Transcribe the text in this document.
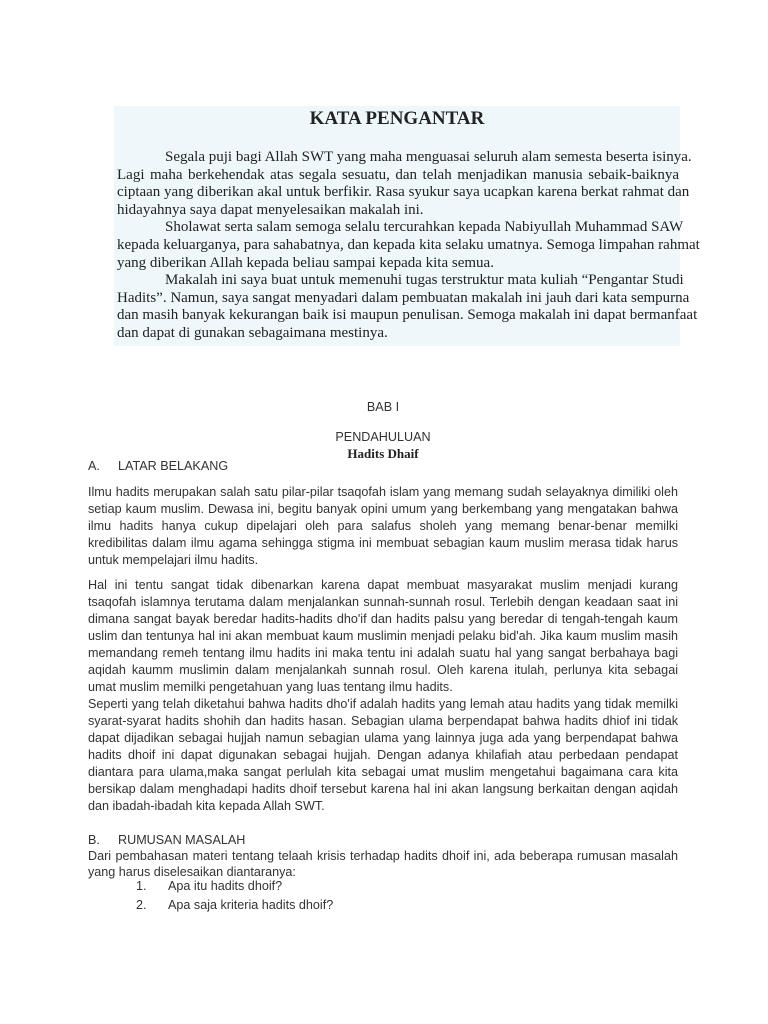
KATA PENGANTAR
Segala puji bagi Allah SWT yang maha menguasai seluruh alam semesta beserta isinya.
Lagi maha berkehendak atas segala sesuatu, dan telah menjadikan manusia sebaik-baiknya
ciptaan yang diberikan akal untuk berfikir. Rasa syukur saya ucapkan karena berkat rahmat dan
hidayahnya saya dapat menyelesaikan makalah ini.
Sholawat serta salam semoga selalu tercurahkan kepada Nabiyullah Muhammad SAW
kepada keluarganya, para sahabatnya, dan kepada kita selaku umatnya. Semoga limpahan rahmat
yang diberikan Allah kepada beliau sampai kepada kita semua.
Makalah ini saya buat untuk memenuhi tugas terstruktur mata kuliah “Pengantar Studi
Hadits”. Namun, saya sangat menyadari dalam pembuatan makalah ini jauh dari kata sempurna
dan masih banyak kekurangan baik isi maupun penulisan. Semoga makalah ini dapat bermanfaat
dan dapat di gunakan sebagaimana mestinya.
BAB I
PENDAHULUAN
Hadits Dhaif
A. LATAR BELAKANG
Ilmu hadits merupakan salah satu pilar-pilar tsaqofah islam yang memang sudah selayaknya dimiliki oleh
setiap kaum muslim. Dewasa ini, begitu banyak opini umum yang berkembang yang mengatakan bahwa
ilmu hadits hanya cukup dipelajari oleh para salafus sholeh yang memang benar-benar memilki
kredibilitas dalam ilmu agama sehingga stigma ini membuat sebagian kaum muslim merasa tidak harus
untuk mempelajari ilmu hadits.
Hal ini tentu sangat tidak dibenarkan karena dapat membuat masyarakat muslim menjadi kurang
tsaqofah islamnya terutama dalam menjalankan sunnah-sunnah rosul. Terlebih dengan keadaan saat ini
dimana sangat bayak beredar hadits-hadits dho'if dan hadits palsu yang beredar di tengah-tengah kaum
uslim dan tentunya hal ini akan membuat kaum muslimin menjadi pelaku bid'ah. Jika kaum muslim masih
memandang remeh tentang ilmu hadits ini maka tentu ini adalah suatu hal yang sangat berbahaya bagi
aqidah kaumm muslimin dalam menjalankah sunnah rosul. Oleh karena itulah, perlunya kita sebagai
umat muslim memilki pengetahuan yang luas tentang ilmu hadits.
Seperti yang telah diketahui bahwa hadits dho'if adalah hadits yang lemah atau hadits yang tidak memilki
syarat-syarat hadits shohih dan hadits hasan. Sebagian ulama berpendapat bahwa hadits dhiof ini tidak
dapat dijadikan sebagai hujjah namun sebagian ulama yang lainnya juga ada yang berpendapat bahwa
hadits dhoif ini dapat digunakan sebagai hujjah. Dengan adanya khilafiah atau perbedaan pendapat
diantara para ulama,maka sangat perlulah kita sebagai umat muslim mengetahui bagaimana cara kita
bersikap dalam menghadapi hadits dhoif tersebut karena hal ini akan langsung berkaitan dengan aqidah
dan ibadah-ibadah kita kepada Allah SWT.
B. RUMUSAN MASALAH
Dari pembahasan materi tentang telaah krisis terhadap hadits dhoif ini, ada beberapa rumusan masalah
yang harus diselesaikan diantaranya:
1. Apa itu hadits dhoif?
2. Apa saja kriteria hadits dhoif?
